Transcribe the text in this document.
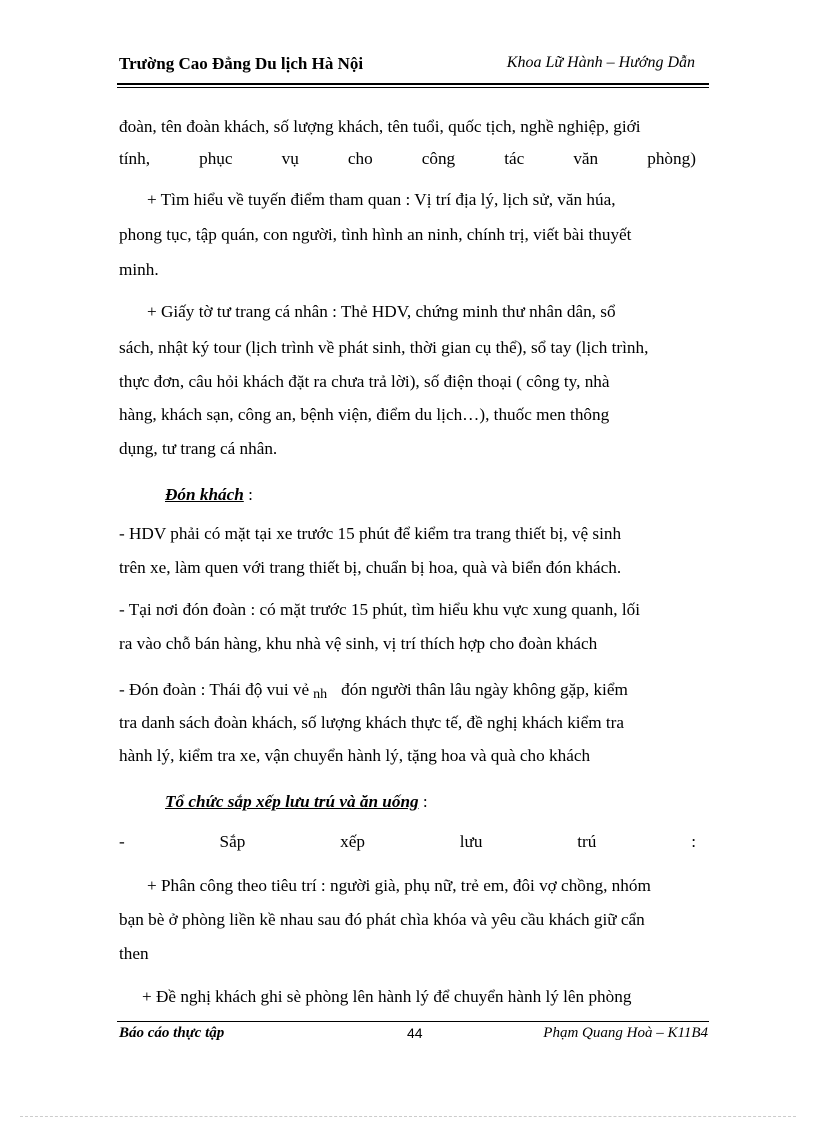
Trường Cao Đẳng Du lịch Hà Nội	Khoa Lữ Hành – Hướng Dẫn
đoàn, tên đoàn khách, số lượng khách, tên tuổi, quốc tịch, nghề nghiệp, giới
tính,	phục	vụ	cho	công	tác	văn	phòng)
+ Tìm hiểu về tuyến điểm tham quan : Vị trí địa lý, lịch sử, văn húa,
phong tục, tập quán, con người, tình hình an ninh, chính trị, viết bài thuyết
minh.
+ Giấy tờ tư trang cá nhân : Thẻ HDV, chứng minh thư nhân dân, sổ
sách, nhật ký tour (lịch trình về phát sinh, thời gian cụ thể), sổ tay (lịch trình,
thực đơn, câu hỏi khách đặt ra chưa trả lời), số điện thoại ( công ty, nhà
hàng, khách sạn, công an, bệnh viện, điểm du lịch…), thuốc men thông
dụng, tư trang cá nhân.
Đón khách :
- HDV phải có mặt tại xe trước 15 phút để kiểm tra trang thiết bị, vệ sinh
trên xe, làm quen với trang thiết bị, chuẩn bị hoa, quà và biển đón khách.
- Tại nơi đón đoàn : có mặt trước 15 phút, tìm hiểu khu vực xung quanh, lối
ra vào chỗ bán hàng, khu nhà vệ sinh, vị trí thích hợp cho đoàn khách
- Đón đoàn : Thái độ vui vẻ nh đón người thân lâu ngày không gặp, kiểm
tra danh sách đoàn khách, số lượng khách thực tế, đề nghị khách kiểm tra
hành lý, kiểm tra xe, vận chuyển hành lý, tặng hoa và quà cho khách
Tổ chức sắp xếp lưu trú và ăn uống :
-	Sắp	xếp	lưu	trú	:
+ Phân công theo tiêu trí : người già, phụ nữ, trẻ em, đôi vợ chồng, nhóm
bạn bè ở phòng liền kề nhau sau đó phát chìa khóa và yêu cầu khách giữ cẩn
then
+ Đề nghị khách ghi sè phòng lên hành lý để chuyển hành lý lên phòng
Báo cáo thực tập	44	Phạm Quang Hoà – K11B4
